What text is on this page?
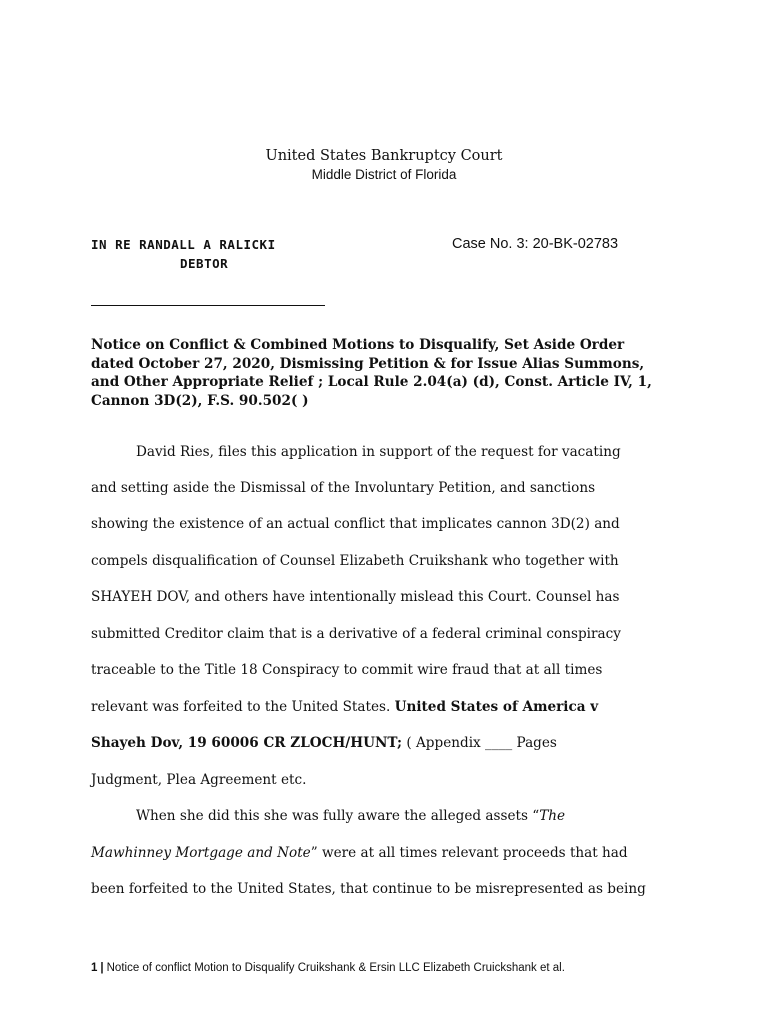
United States Bankruptcy Court
Middle District of Florida
IN RE RANDALL A RALICKI
DEBTOR
Case No. 3: 20-BK-02783
Notice on Conflict & Combined Motions to Disqualify, Set Aside Order
dated October 27, 2020, Dismissing Petition & for Issue Alias Summons,
and Other Appropriate Relief ; Local Rule 2.04(a) (d), Const. Article IV, 1,
Cannon 3D(2), F.S. 90.502( )
David Ries, files this application in support of the request for vacating
and setting aside the Dismissal of the Involuntary Petition, and sanctions
showing the existence of an actual conflict that implicates cannon 3D(2) and
compels disqualification of Counsel Elizabeth Cruikshank who together with
SHAYEH DOV, and others have intentionally mislead this Court. Counsel has
submitted Creditor claim that is a derivative of a federal criminal conspiracy
traceable to the Title 18 Conspiracy to commit wire fraud that at all times
relevant was forfeited to the United States. United States of America v
Shayeh Dov, 19 60006 CR ZLOCH/HUNT; ( Appendix ____ Pages
Judgment, Plea Agreement etc.
When she did this she was fully aware the alleged assets “The
Mawhinney Mortgage and Note” were at all times relevant proceeds that had
been forfeited to the United States, that continue to be misrepresented as being
1 | Notice of conflict Motion to Disqualify Cruikshank & Ersin LLC Elizabeth Cruickshank et al.
